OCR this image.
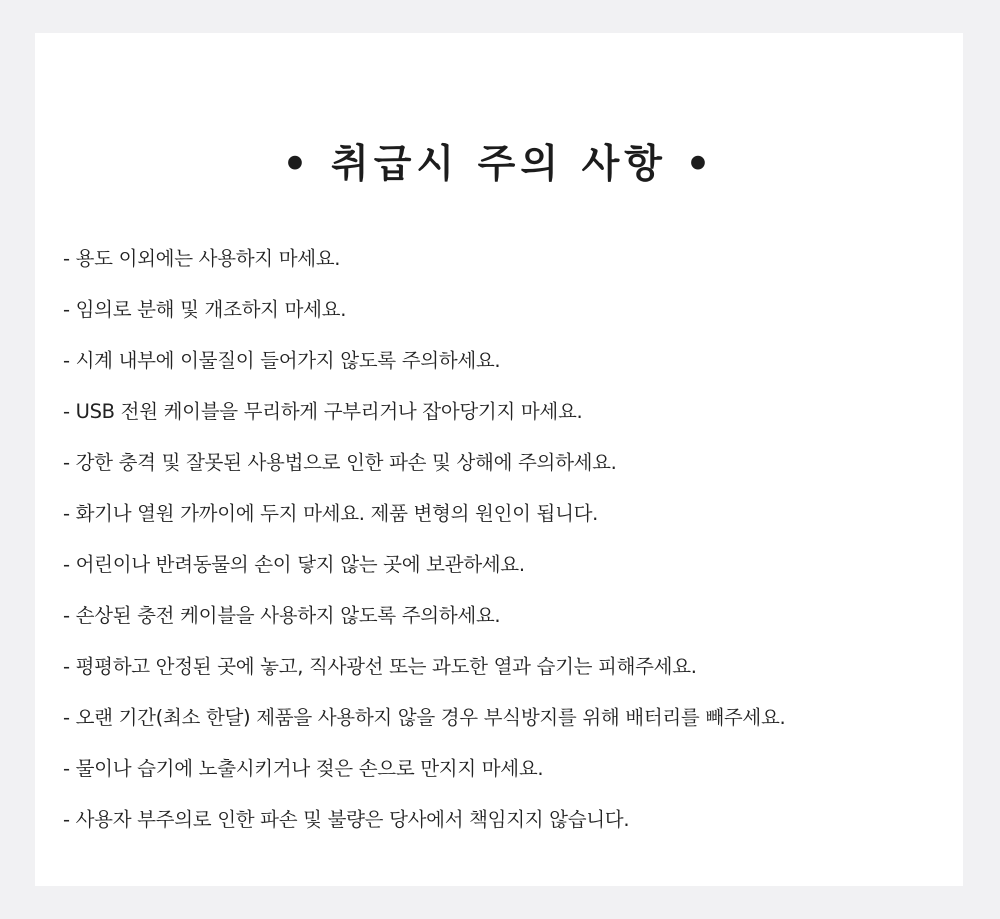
• 취급시 주의 사항 •
- 용도 이외에는 사용하지 마세요.
- 임의로 분해 및 개조하지 마세요.
- 시계 내부에 이물질이 들어가지 않도록 주의하세요.
- USB 전원 케이블을 무리하게 구부리거나 잡아당기지 마세요.
- 강한 충격 및 잘못된 사용법으로 인한 파손 및 상해에 주의하세요.
- 화기나 열원 가까이에 두지 마세요. 제품 변형의 원인이 됩니다.
- 어린이나 반려동물의 손이 닿지 않는 곳에 보관하세요.
- 손상된 충전 케이블을 사용하지 않도록 주의하세요.
- 평평하고 안정된 곳에 놓고, 직사광선 또는 과도한 열과 습기는 피해주세요.
- 오랜 기간(최소 한달) 제품을 사용하지 않을 경우 부식방지를 위해 배터리를 빼주세요.
- 물이나 습기에 노출시키거나 젖은 손으로 만지지 마세요.
- 사용자 부주의로 인한 파손 및 불량은 당사에서 책임지지 않습니다.
